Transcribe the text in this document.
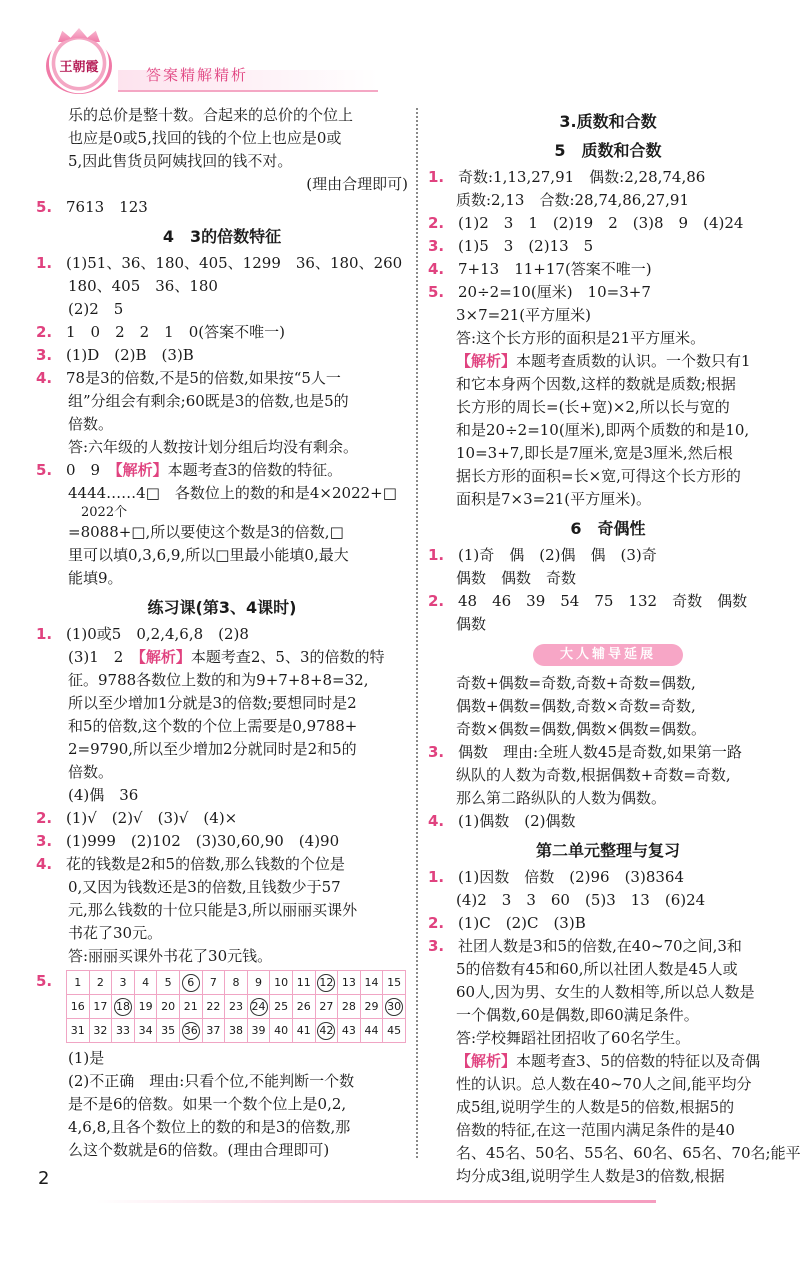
王朝霞	答案精解精析
乐的总价是整十数。合起来的总价的个位上
也应是0或5,找回的钱的个位上也应是0或
5,因此售货员阿姨找回的钱不对。
(理由合理即可)
5. 7613　123
4　3的倍数特征
1. (1)51、36、180、405、1299　36、180、260
180、405　36、180
(2)2　5
2. 1　0　2　2　1　0(答案不唯一)
3. (1)D　(2)B　(3)B
4. 78是3的倍数,不是5的倍数,如果按“5人一
组”分组会有剩余;60既是3的倍数,也是5的
倍数。
答:六年级的人数按计划分组后均没有剩余。
5. 0　9　【解析】本题考查3的倍数的特征。
4444……4□　各数位上的数的和是4×2022+□
　2022个
=8088+□,所以要使这个数是3的倍数,□
里可以填0,3,6,9,所以□里最小能填0,最大
能填9。
练习课(第3、4课时)
1. (1)0或5　0,2,4,6,8　(2)8
(3)1　2　【解析】本题考查2、5、3的倍数的特
征。9788各数位上数的和为9+7+8+8=32,
所以至少增加1分就是3的倍数;要想同时是2
和5的倍数,这个数的个位上需要是0,9788+
2=9790,所以至少增加2分就同时是2和5的
倍数。
(4)偶　36
2. (1)√　(2)√　(3)√　(4)×
3. (1)999　(2)102　(3)30,60,90　(4)90
4. 花的钱数是2和5的倍数,那么钱数的个位是
0,又因为钱数还是3的倍数,且钱数少于57
元,那么钱数的十位只能是3,所以丽丽买课外
书花了30元。
答:丽丽买课外书花了30元钱。
5.	1	2	3	4	5	6	7	8	9	10	11	12	13	14	15
16	17	18	19	20	21	22	23	24	25	26	27	28	29	30
31	32	33	34	35	36	37	38	39	40	41	42	43	44	45
(1)是
(2)不正确　理由:只看个位,不能判断一个数
是不是6的倍数。如果一个数个位上是0,2,
4,6,8,且各个数位上的数的和是3的倍数,那
么这个数就是6的倍数。(理由合理即可)
3.质数和合数
5　质数和合数
1. 奇数:1,13,27,91　偶数:2,28,74,86
质数:2,13　合数:28,74,86,27,91
2. (1)2　3　1　(2)19　2　(3)8　9　(4)24
3. (1)5　3　(2)13　5
4. 7+13　11+17(答案不唯一)
5. 20÷2=10(厘米)　10=3+7
3×7=21(平方厘米)
答:这个长方形的面积是21平方厘米。
【解析】本题考查质数的认识。一个数只有1
和它本身两个因数,这样的数就是质数;根据
长方形的周长=(长+宽)×2,所以长与宽的
和是20÷2=10(厘米),即两个质数的和是10,
10=3+7,即长是7厘米,宽是3厘米,然后根
据长方形的面积=长×宽,可得这个长方形的
面积是7×3=21(平方厘米)。
6　奇偶性
1. (1)奇　偶　(2)偶　偶　(3)奇
偶数　偶数　奇数
2. 48　46　39　54　75　132　奇数　偶数
偶数
大人辅导延展
奇数+偶数=奇数,奇数+奇数=偶数,
偶数+偶数=偶数,奇数×奇数=奇数,
奇数×偶数=偶数,偶数×偶数=偶数。
3. 偶数　理由:全班人数45是奇数,如果第一路
纵队的人数为奇数,根据偶数+奇数=奇数,
那么第二路纵队的人数为偶数。
4. (1)偶数　(2)偶数
第二单元整理与复习
1. (1)因数　倍数　(2)96　(3)8364
(4)2　3　3　60　(5)3　13　(6)24
2. (1)C　(2)C　(3)B
3. 社团人数是3和5的倍数,在40~70之间,3和
5的倍数有45和60,所以社团人数是45人或
60人,因为男、女生的人数相等,所以总人数是
一个偶数,60是偶数,即60满足条件。
答:学校舞蹈社团招收了60名学生。
【解析】本题考查3、5的倍数的特征以及奇偶
性的认识。总人数在40~70人之间,能平均分
成5组,说明学生的人数是5的倍数,根据5的
倍数的特征,在这一范围内满足条件的是40
名、45名、50名、55名、60名、65名、70名;能平
均分成3组,说明学生人数是3的倍数,根据
2
